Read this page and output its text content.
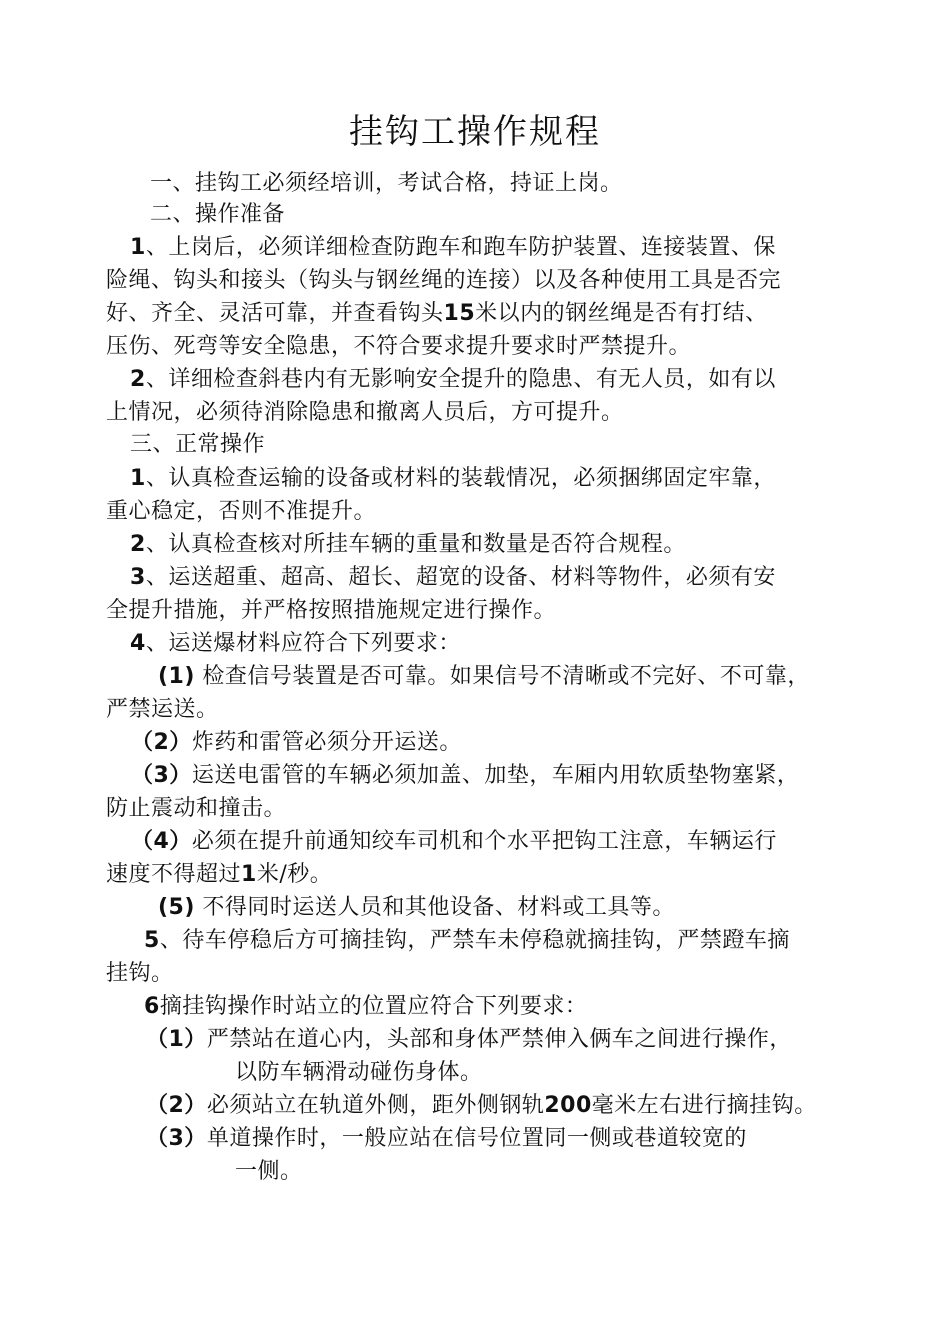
挂钩工操作规程
一、挂钩工必须经培训，考试合格，持证上岗。
二、操作准备
1、上岗后，必须详细检查防跑车和跑车防护装置、连接装置、保
险绳、钩头和接头（钩头与钢丝绳的连接）以及各种使用工具是否完
好、齐全、灵活可靠，并查看钩头15米以内的钢丝绳是否有打结、
压伤、死弯等安全隐患，不符合要求提升要求时严禁提升。
2、详细检查斜巷内有无影响安全提升的隐患、有无人员，如有以
上情况，必须待消除隐患和撤离人员后，方可提升。
三、正常操作
1、认真检查运输的设备或材料的装载情况，必须捆绑固定牢靠，
重心稳定，否则不准提升。
2、认真检查核对所挂车辆的重量和数量是否符合规程。
3、运送超重、超高、超长、超宽的设备、材料等物件，必须有安
全提升措施，并严格按照措施规定进行操作。
4、运送爆材料应符合下列要求：
(1) 检查信号装置是否可靠。如果信号不清晰或不完好、不可靠，
严禁运送。
（2）炸药和雷管必须分开运送。
（3）运送电雷管的车辆必须加盖、加垫，车厢内用软质垫物塞紧，
防止震动和撞击。
（4）必须在提升前通知绞车司机和个水平把钩工注意，车辆运行
速度不得超过1米/秒。
(5) 不得同时运送人员和其他设备、材料或工具等。
5、待车停稳后方可摘挂钩，严禁车未停稳就摘挂钩，严禁蹬车摘
挂钩。
6摘挂钩操作时站立的位置应符合下列要求：
（1）严禁站在道心内，头部和身体严禁伸入俩车之间进行操作，
以防车辆滑动碰伤身体。
（2）必须站立在轨道外侧，距外侧钢轨200毫米左右进行摘挂钩。
（3）单道操作时，一般应站在信号位置同一侧或巷道较宽的
一侧。
